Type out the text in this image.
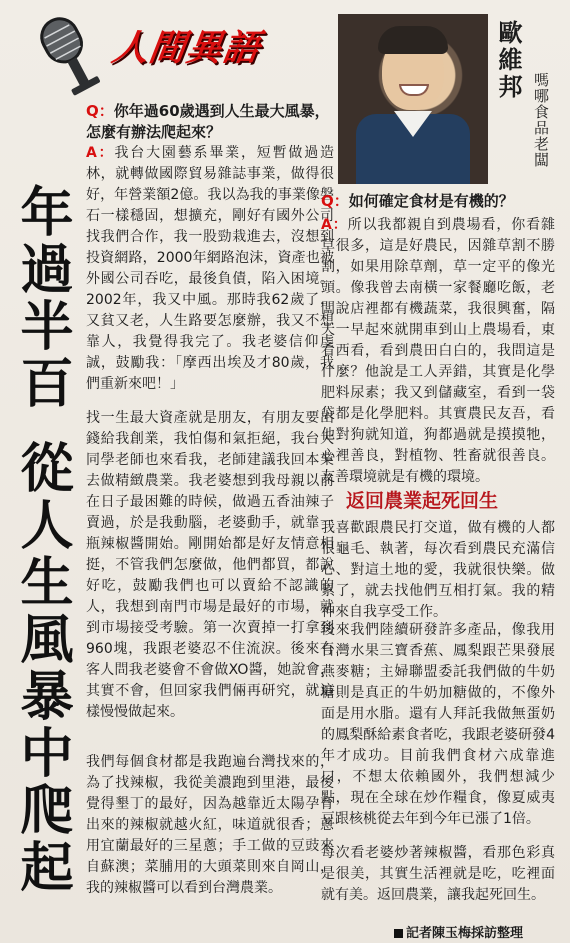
人間異語	歐維邦
嗎哪食品老闆
年過半百從人生風暴中爬起
Q：你年過60歲遇到人生最大風暴，怎麼有辦法爬起來？
A：我台大園藝系畢業，短暫做過造林，就轉做國際貿易雜誌事業，做得很好，年營業額2億。我以為我的事業像磐石一樣穩固，想擴充，剛好有國外公司找我們合作，我一股勁栽進去，沒想到投資網路，2000年網路泡沫，資產也被外國公司吞吃，最後負債，陷入困境。2002年，我又中風。那時我62歲了，又貧又老，人生路要怎麼辦，我又不想靠人，我覺得我完了。我老婆信仰虔誠，鼓勵我：「摩西出埃及才80歲，我們重新來吧！」
找一生最大資產就是朋友，有朋友要出錢給我創業，我怕傷和氣拒絕，我台大同學老師也來看我，老師建議我回本業去做精緻農業。我老婆想到我母親以前在日子最困難的時候，做過五香油辣子賣過，於是我動腦，老婆動手，就靠一瓶辣椒醬開始。剛開始都是好友情意相挺，不管我們怎麼做，他們都買，都說好吃，鼓勵我們也可以賣給不認識的人，我想到南門市場是最好的市場，就到市場接受考驗。第一次賣掉一打拿到960塊，我跟老婆忍不住流淚。後來有客人問我老婆會不會做XO醬，她說會，其實不會，但回家我們倆再研究，就這樣慢慢做起來。
我們每個食材都是我跑遍台灣找來的，為了找辣椒，我從美濃跑到里港，最後覺得墾丁的最好，因為越靠近太陽孕育出來的辣椒就越火紅，味道就很香；蔥用宜蘭最好的三星蔥；手工做的豆豉來自蘇澳；菜脯用的大頭菜則來自岡山，我的辣椒醬可以看到台灣農業。
Q：如何確定食材是有機的？
A：所以我都親自到農場看，你看雜草很多，這是好農民，因雜草割不勝割，如果用除草劑，草一定平的像光頭。像我曾去南橫一家餐廳吃飯，老闆說店裡都有機蔬菜，我很興奮，隔天一早起來就開車到山上農場看，東看西看，看到農田白白的，我問這是什麼？他說是工人弄錯，其實是化學肥料尿素；我又到儲藏室，看到一袋袋都是化學肥料。其實農民友吾，看他對狗就知道，狗都過就是摸摸牠，心裡善良，對植物、牲畜就很善良。友善環境就是有機的環境。
返回農業起死回生
我喜歡跟農民打交道，做有機的人都很龜毛、執著，每次看到農民充滿信心、對這土地的愛，我就很快樂。做累了，就去找他們互相打氣。我的精神來自我享受工作。
後來我們陸續研發許多產品，像我用台灣水果三寶香蕉、鳳梨跟芒果發展燕麥糖；主婦聯盟委託我們做的牛奶糖則是真正的牛奶加糖做的，不像外面是用水脂。還有人拜託我做無蛋奶的鳳梨酥給素食者吃，我跟老婆研發4年才成功。目前我們食材六成靠進口，不想太依賴國外，我們想減少點，現在全球在炒作糧食，像夏威夷豆跟核桃從去年到今年已漲了1倍。
每次看老婆炒著辣椒醬，看那色彩真是很美，其實生活裡就是吃，吃裡面就有美。返回農業，讓我起死回生。
記者陳玉梅採訪整理
